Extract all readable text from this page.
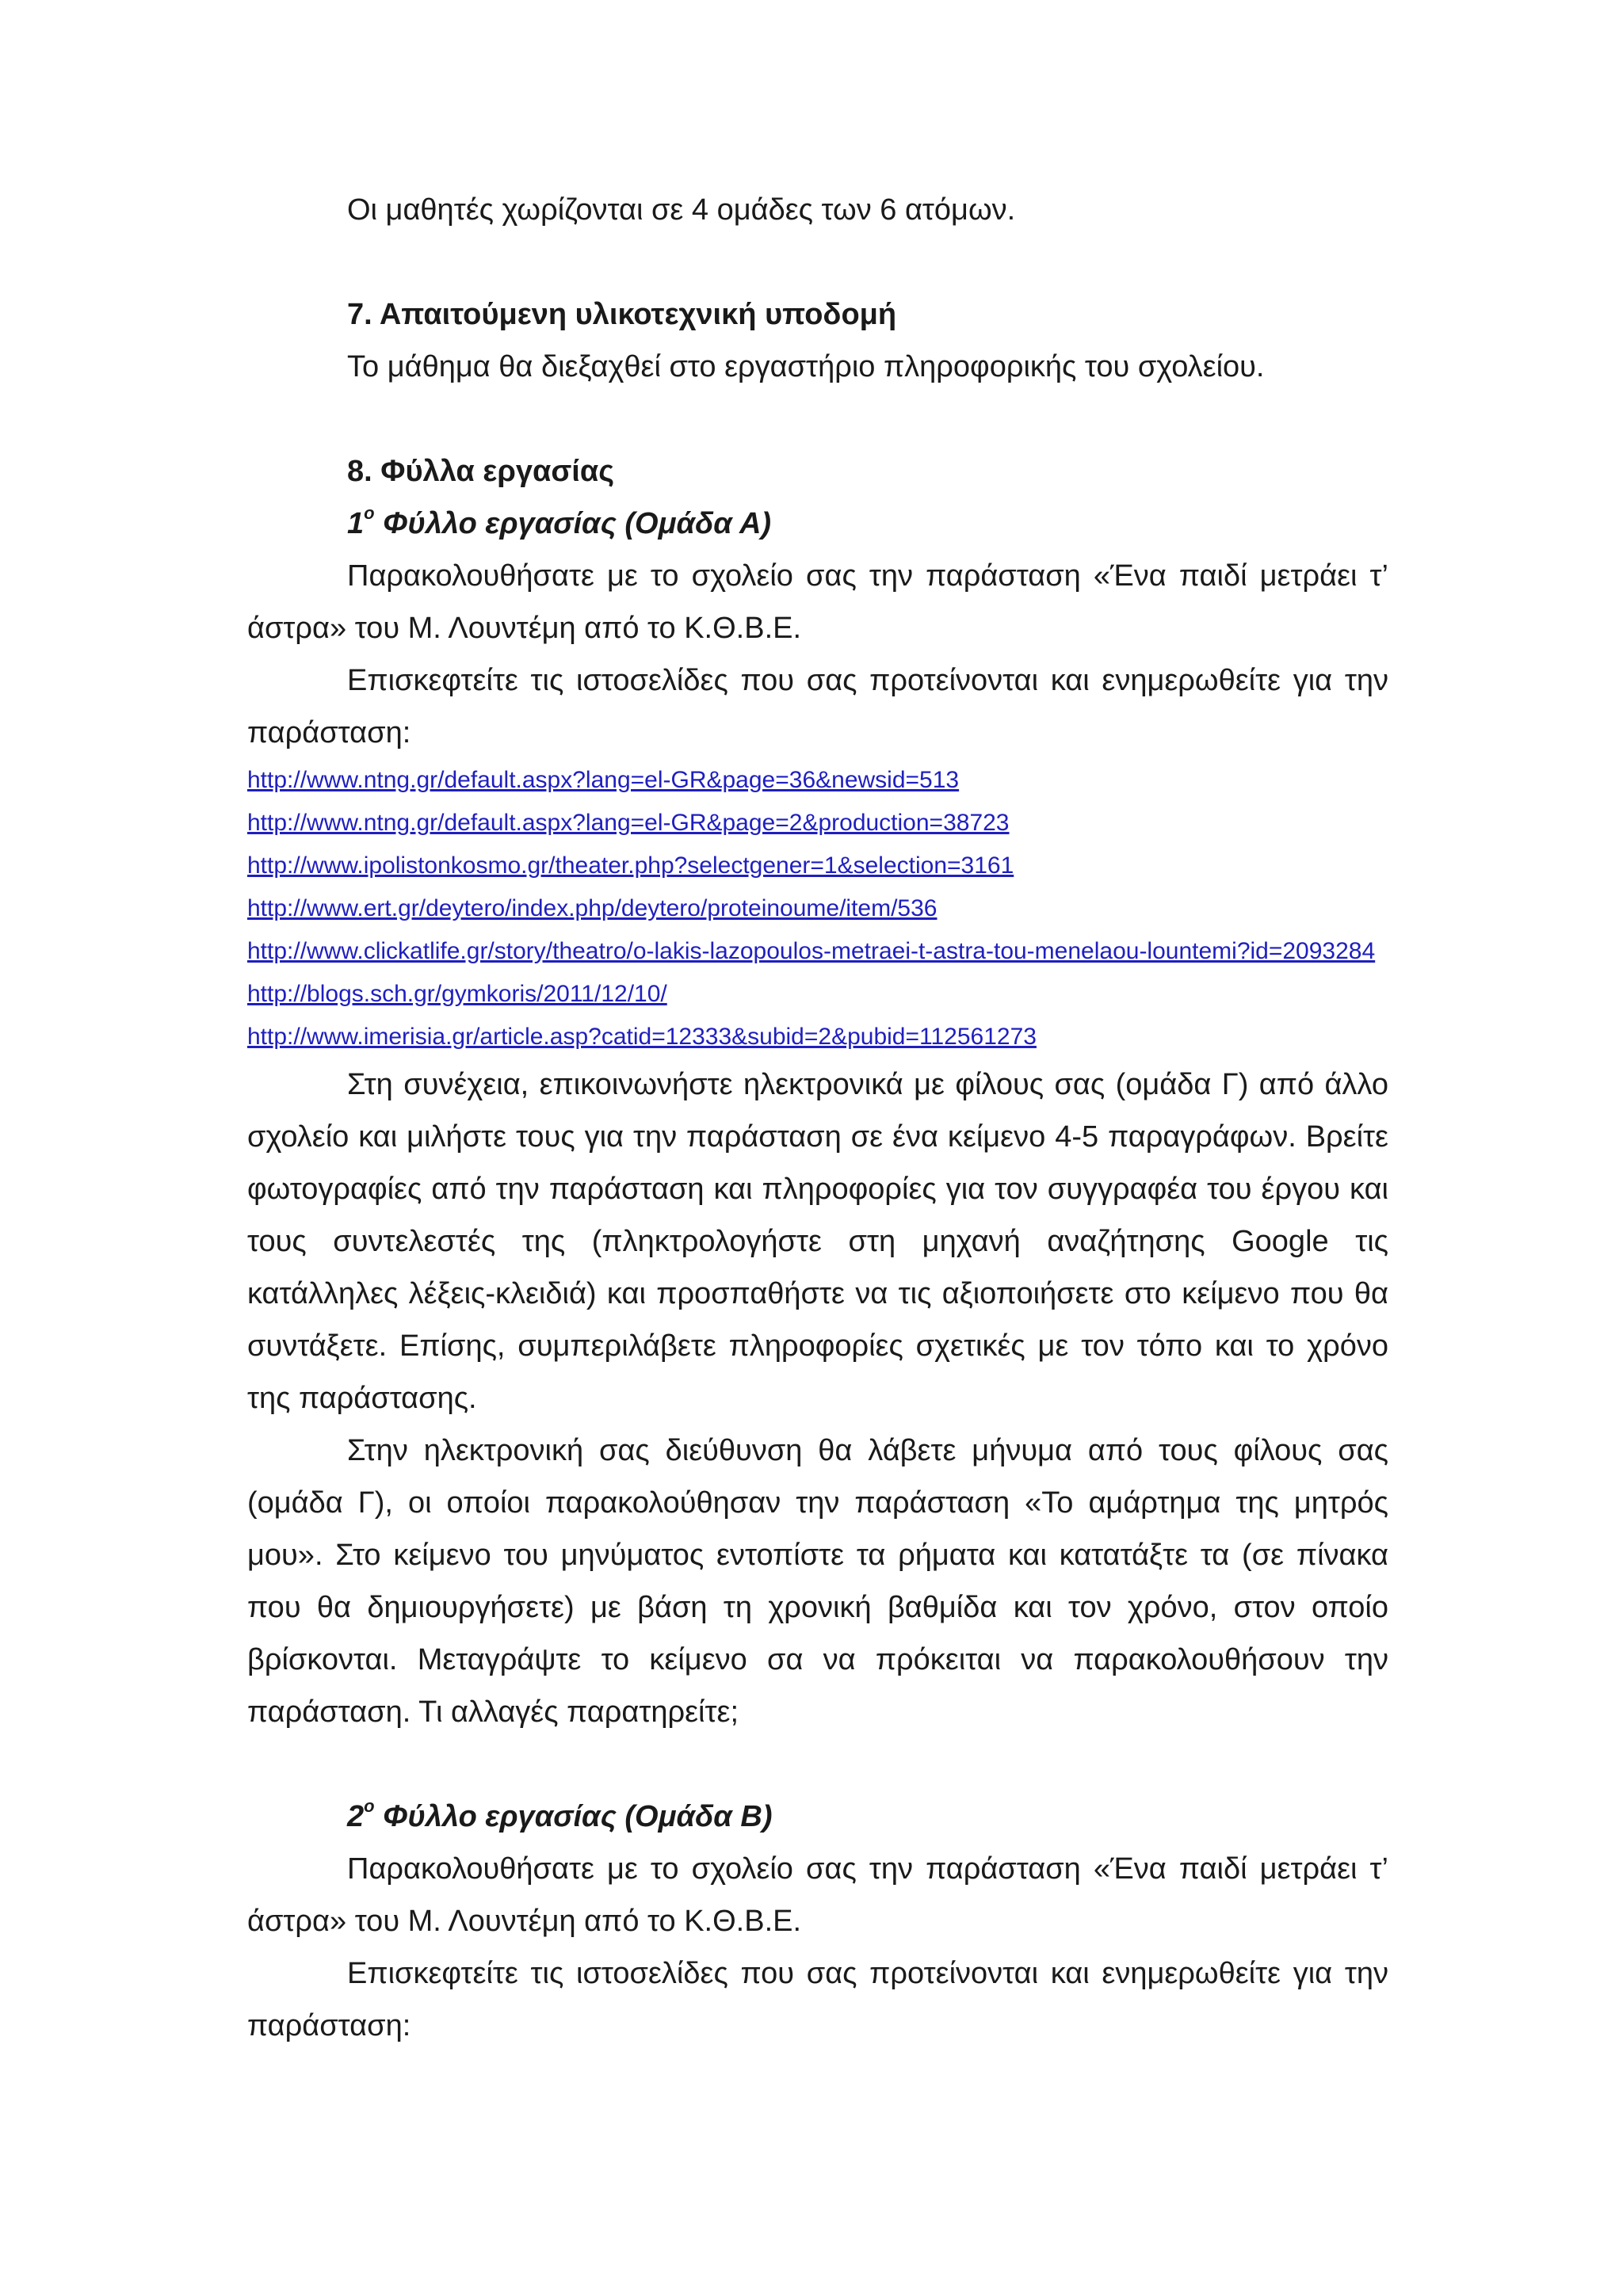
Οι μαθητές χωρίζονται σε 4 ομάδες των 6 ατόμων.

7. Απαιτούμενη υλικοτεχνική υποδομή

Το μάθημα θα διεξαχθεί στο εργαστήριο πληροφορικής του σχολείου.

8. Φύλλα εργασίας
$1^o$ Φύλλο εργασίας (Ομάδα Α)

Παρακολουθήσατε με το σχολείο σας την παράσταση «Ένα παιδί μετράει τ’ άστρα» του Μ. Λουντέμη από το Κ.Θ.Β.Ε.

Επισκεφτείτε τις ιστοσελίδες που σας προτείνονται και ενημερωθείτε για την παράσταση:

http://www.ntng.gr/default.aspx?lang=el-GR&page=36&newsid=513
http://www.ntng.gr/default.aspx?lang=el-GR&page=2&production=38723
http://www.ipolistonkosmo.gr/theater.php?selectgener=1&selection=3161
http://www.ert.gr/deytero/index.php/deytero/proteinoume/item/536
http://www.clickatlife.gr/story/theatro/o-lakis-lazopoulos-metraei-t-astra-tou-menelaou-lountemi?id=2093284
http://blogs.sch.gr/gymkoris/2011/12/10/
http://www.imerisia.gr/article.asp?catid=12333&subid=2&pubid=112561273

Στη συνέχεια, επικοινωνήστε ηλεκτρονικά με φίλους σας (ομάδα Γ) από άλλο σχολείο και μιλήστε τους για την παράσταση σε ένα κείμενο 4-5 παραγράφων. Βρείτε φωτογραφίες από την παράσταση και πληροφορίες για τον συγγραφέα του έργου και τους συντελεστές της (πληκτρολογήστε στη μηχανή αναζήτησης Google τις κατάλληλες λέξεις-κλειδιά) και προσπαθήστε να τις αξιοποιήσετε στο κείμενο που θα συντάξετε. Επίσης, συμπεριλάβετε πληροφορίες σχετικές με τον τόπο και το χρόνο της παράστασης.

Στην ηλεκτρονική σας διεύθυνση θα λάβετε μήνυμα από τους φίλους σας (ομάδα Γ), οι οποίοι παρακολούθησαν την παράσταση «Το αμάρτημα της μητρός μου». Στο κείμενο του μηνύματος εντοπίστε τα ρήματα και κατατάξτε τα (σε πίνακα που θα δημιουργήσετε) με βάση τη χρονική βαθμίδα και τον χρόνο, στον οποίο βρίσκονται. Μεταγράψτε το κείμενο σα να πρόκειται να παρακολουθήσουν την παράσταση. Τι αλλαγές παρατηρείτε;

$2^o$ Φύλλο εργασίας (Ομάδα Β)

Παρακολουθήσατε με το σχολείο σας την παράσταση «Ένα παιδί μετράει τ’ άστρα» του Μ. Λουντέμη από το Κ.Θ.Β.Ε.

Επισκεφτείτε τις ιστοσελίδες που σας προτείνονται και ενημερωθείτε για την παράσταση:
